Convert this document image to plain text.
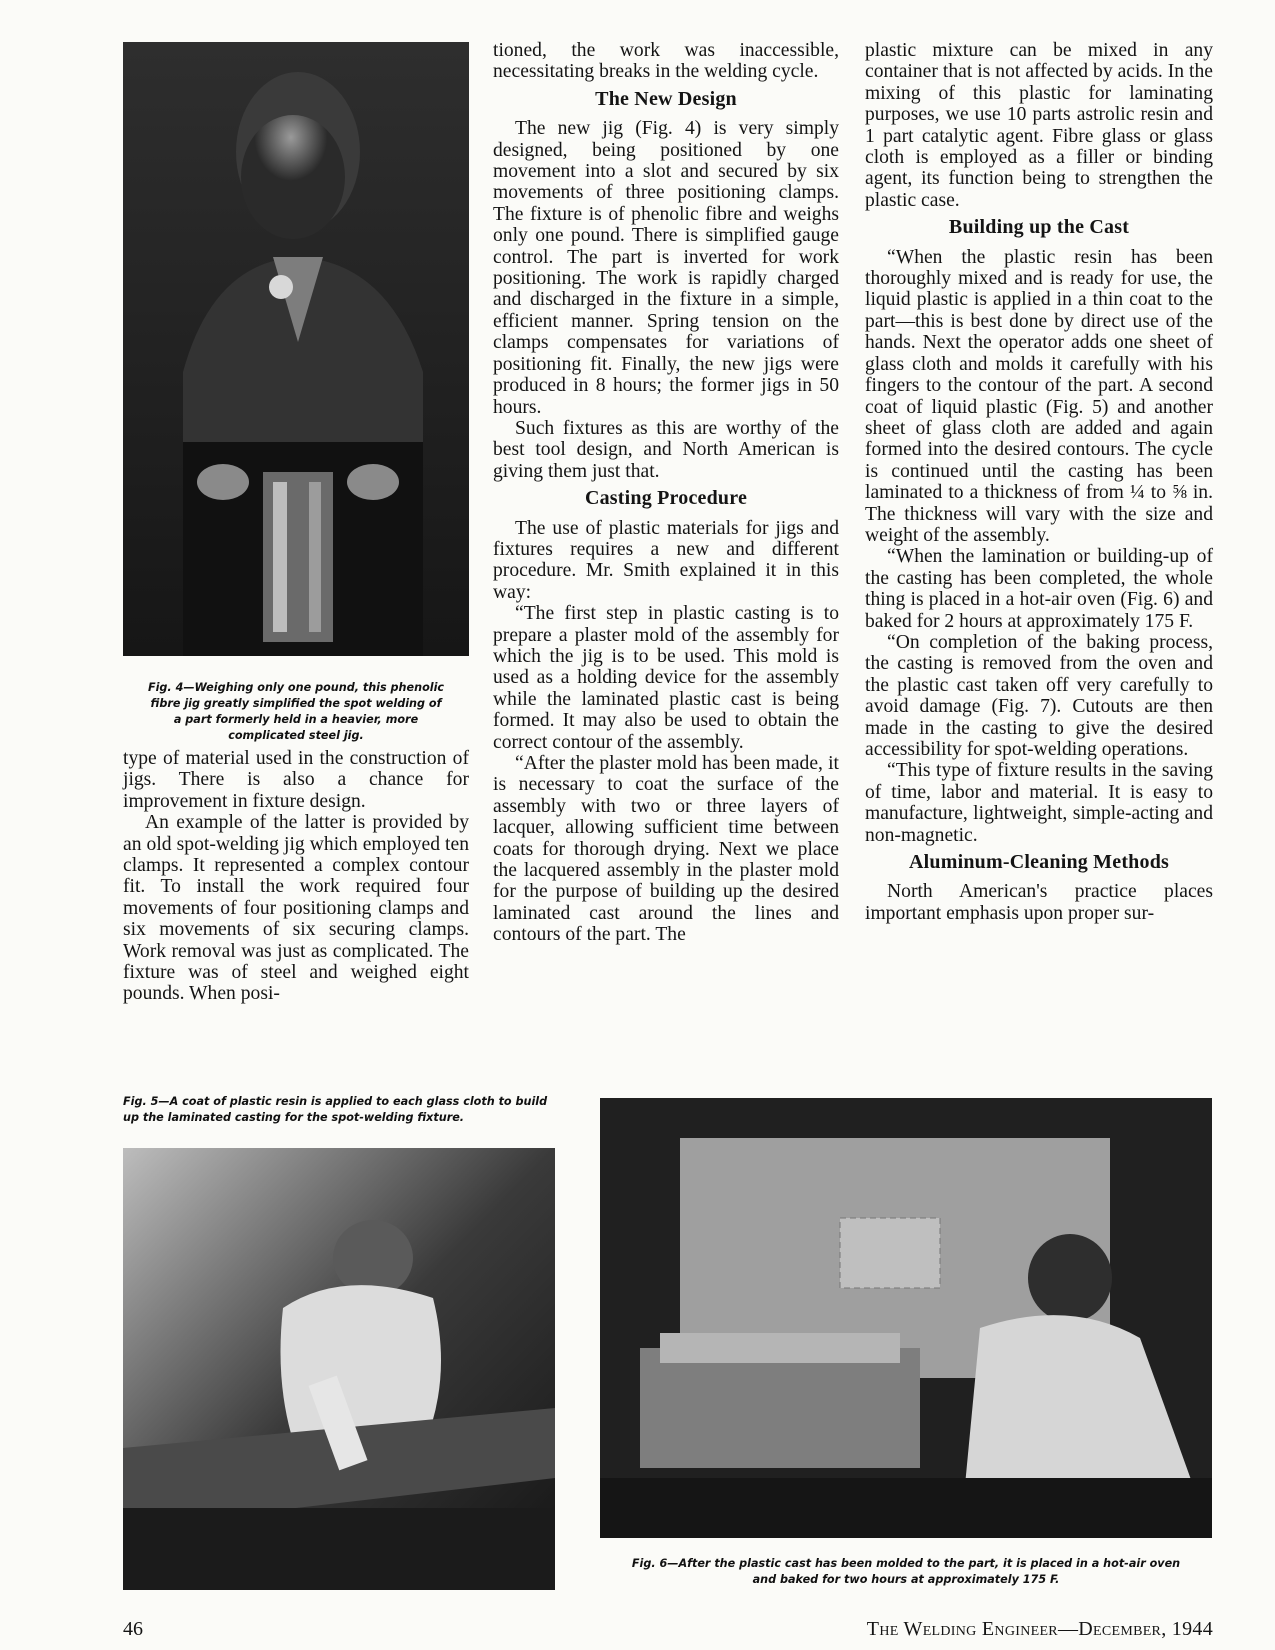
Fig. 4—Weighing only one pound, this phenolic fibre jig greatly simplified the spot welding of a part formerly held in a heavier, more complicated steel jig.

type of material used in the construction of jigs. There is also a chance for improvement in fixture design.

An example of the latter is provided by an old spot-welding jig which employed ten clamps. It represented a complex contour fit. To install the work required four movements of four positioning clamps and six movements of six securing clamps. Work removal was just as complicated. The fixture was of steel and weighed eight pounds. When posi-

tioned, the work was inaccessible, necessitating breaks in the welding cycle.

The New Design

The new jig (Fig. 4) is very simply designed, being positioned by one movement into a slot and secured by six movements of three positioning clamps. The fixture is of phenolic fibre and weighs only one pound. There is simplified gauge control. The part is inverted for work positioning. The work is rapidly charged and discharged in the fixture in a simple, efficient manner. Spring tension on the clamps compensates for variations of positioning fit. Finally, the new jigs were produced in 8 hours; the former jigs in 50 hours.

Such fixtures as this are worthy of the best tool design, and North American is giving them just that.

Casting Procedure

The use of plastic materials for jigs and fixtures requires a new and different procedure. Mr. Smith explained it in this way:

“The first step in plastic casting is to prepare a plaster mold of the assembly for which the jig is to be used. This mold is used as a holding device for the assembly while the laminated plastic cast is being formed. It may also be used to obtain the correct contour of the assembly.

“After the plaster mold has been made, it is necessary to coat the surface of the assembly with two or three layers of lacquer, allowing sufficient time between coats for thorough drying. Next we place the lacquered assembly in the plaster mold for the purpose of building up the desired laminated cast around the lines and contours of the part. The

plastic mixture can be mixed in any container that is not affected by acids. In the mixing of this plastic for laminating purposes, we use 10 parts astrolic resin and 1 part catalytic agent. Fibre glass or glass cloth is employed as a filler or binding agent, its function being to strengthen the plastic case.

Building up the Cast

“When the plastic resin has been thoroughly mixed and is ready for use, the liquid plastic is applied in a thin coat to the part—this is best done by direct use of the hands. Next the operator adds one sheet of glass cloth and molds it carefully with his fingers to the contour of the part. A second coat of liquid plastic (Fig. 5) and another sheet of glass cloth are added and again formed into the desired contours. The cycle is continued until the casting has been laminated to a thickness of from ¼ to ⅝ in. The thickness will vary with the size and weight of the assembly.

“When the lamination or building-up of the casting has been completed, the whole thing is placed in a hot-air oven (Fig. 6) and baked for 2 hours at approximately 175 F.

“On completion of the baking process, the casting is removed from the oven and the plastic cast taken off very carefully to avoid damage (Fig. 7). Cutouts are then made in the casting to give the desired accessibility for spot-welding operations.

“This type of fixture results in the saving of time, labor and material. It is easy to manufacture, lightweight, simple-acting and non-magnetic.

Aluminum-Cleaning Methods

North American's practice places important emphasis upon proper sur-

Fig. 5—A coat of plastic resin is applied to each glass cloth to build up the laminated casting for the spot-welding fixture.
Fig. 6—After the plastic cast has been molded to the part, it is placed in a hot-air oven and baked for two hours at approximately 175 F.
46	The Welding Engineer—December, 1944
